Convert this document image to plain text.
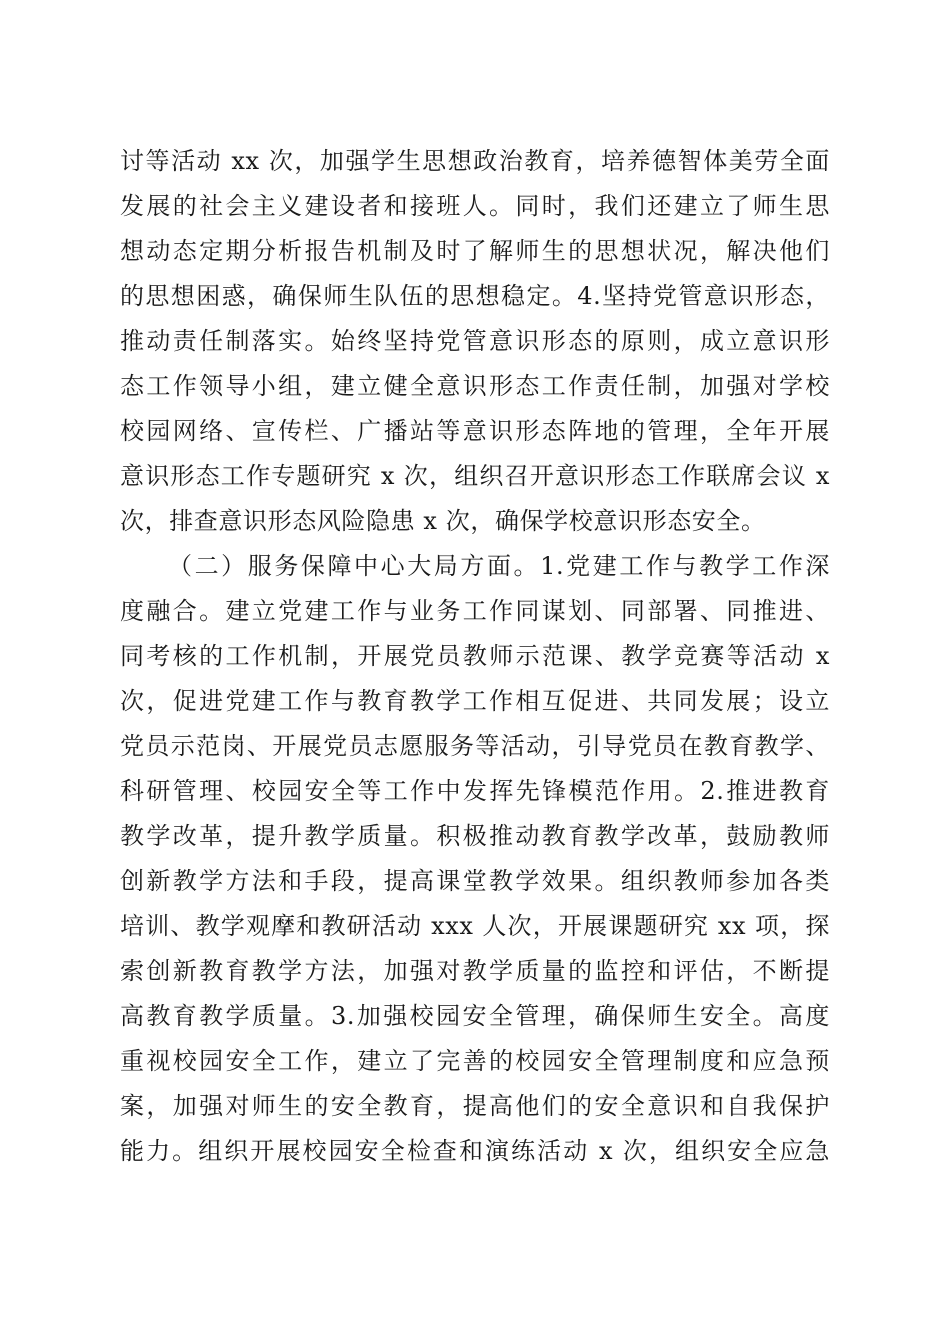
讨等活动 xx 次，加强学生思想政治教育，培养德智体美劳全面
发展的社会主义建设者和接班人。同时，我们还建立了师生思
想动态定期分析报告机制及时了解师生的思想状况，解决他们
的思想困惑，确保师生队伍的思想稳定。4.坚持党管意识形态，
推动责任制落实。始终坚持党管意识形态的原则，成立意识形
态工作领导小组，建立健全意识形态工作责任制，加强对学校
校园网络、宣传栏、广播站等意识形态阵地的管理，全年开展
意识形态工作专题研究 x 次，组织召开意识形态工作联席会议 x
次，排查意识形态风险隐患 x 次，确保学校意识形态安全。
（二）服务保障中心大局方面。1.党建工作与教学工作深
度融合。建立党建工作与业务工作同谋划、同部署、同推进、
同考核的工作机制，开展党员教师示范课、教学竞赛等活动 x
次，促进党建工作与教育教学工作相互促进、共同发展；设立
党员示范岗、开展党员志愿服务等活动，引导党员在教育教学、
科研管理、校园安全等工作中发挥先锋模范作用。2.推进教育
教学改革，提升教学质量。积极推动教育教学改革，鼓励教师
创新教学方法和手段，提高课堂教学效果。组织教师参加各类
培训、教学观摩和教研活动 xxx 人次，开展课题研究 xx 项，探
索创新教育教学方法，加强对教学质量的监控和评估，不断提
高教育教学质量。3.加强校园安全管理，确保师生安全。高度
重视校园安全工作，建立了完善的校园安全管理制度和应急预
案，加强对师生的安全教育，提高他们的安全意识和自我保护
能力。组织开展校园安全检查和演练活动 x 次，组织安全应急
